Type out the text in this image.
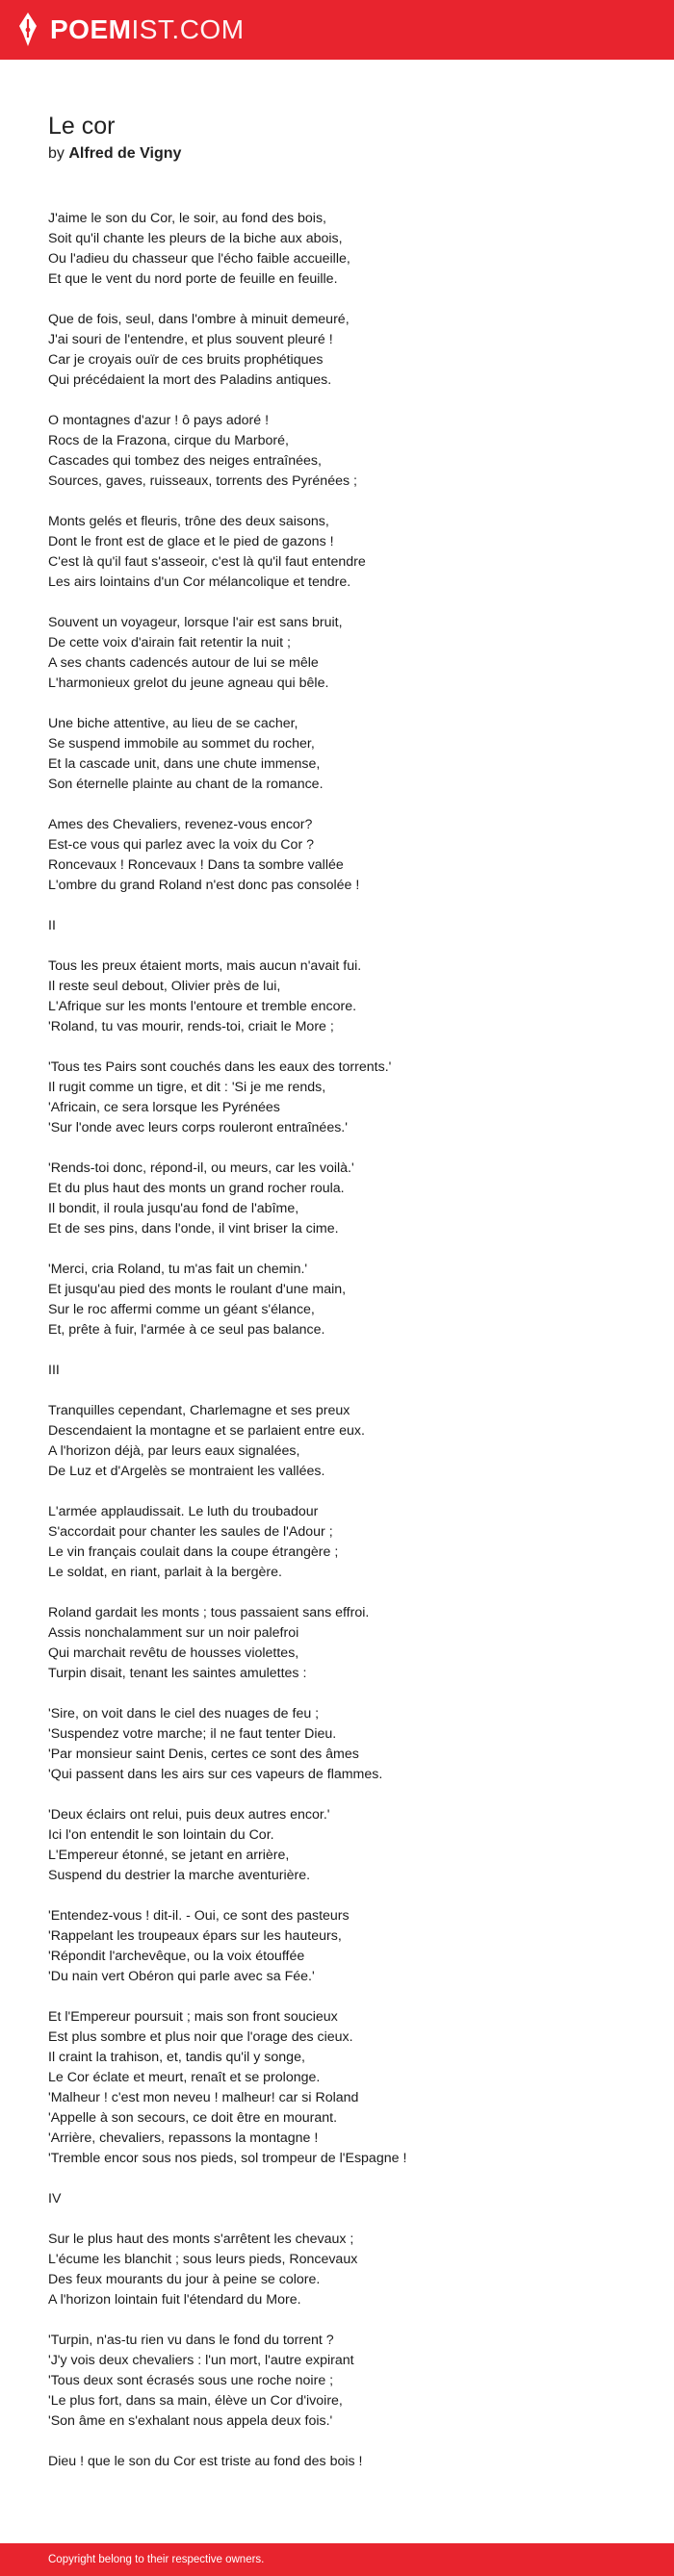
POEMIST.COM
Le cor
by Alfred de Vigny
J'aime le son du Cor, le soir, au fond des bois,
Soit qu'il chante les pleurs de la biche aux abois,
Ou l'adieu du chasseur que l'écho faible accueille,
Et que le vent du nord porte de feuille en feuille.
Que de fois, seul, dans l'ombre à minuit demeuré,
J'ai souri de l'entendre, et plus souvent pleuré !
Car je croyais ouïr de ces bruits prophétiques
Qui précédaient la mort des Paladins antiques.
O montagnes d'azur ! ô pays adoré !
Rocs de la Frazona, cirque du Marboré,
Cascades qui tombez des neiges entraînées,
Sources, gaves, ruisseaux, torrents des Pyrénées ;
Monts gelés et fleuris, trône des deux saisons,
Dont le front est de glace et le pied de gazons !
C'est là qu'il faut s'asseoir, c'est là qu'il faut entendre
Les airs lointains d'un Cor mélancolique et tendre.
Souvent un voyageur, lorsque l'air est sans bruit,
De cette voix d'airain fait retentir la nuit ;
A ses chants cadencés autour de lui se mêle
L'harmonieux grelot du jeune agneau qui bêle.
Une biche attentive, au lieu de se cacher,
Se suspend immobile au sommet du rocher,
Et la cascade unit, dans une chute immense,
Son éternelle plainte au chant de la romance.
Ames des Chevaliers, revenez-vous encor?
Est-ce vous qui parlez avec la voix du Cor ?
Roncevaux ! Roncevaux ! Dans ta sombre vallée
L'ombre du grand Roland n'est donc pas consolée !
II
Tous les preux étaient morts, mais aucun n'avait fui.
Il reste seul debout, Olivier près de lui,
L'Afrique sur les monts l'entoure et tremble encore.
'Roland, tu vas mourir, rends-toi, criait le More ;
'Tous tes Pairs sont couchés dans les eaux des torrents.'
Il rugit comme un tigre, et dit : 'Si je me rends,
'Africain, ce sera lorsque les Pyrénées
'Sur l'onde avec leurs corps rouleront entraînées.'
'Rends-toi donc, répond-il, ou meurs, car les voilà.'
Et du plus haut des monts un grand rocher roula.
Il bondit, il roula jusqu'au fond de l'abîme,
Et de ses pins, dans l'onde, il vint briser la cime.
'Merci, cria Roland, tu m'as fait un chemin.'
Et jusqu'au pied des monts le roulant d'une main,
Sur le roc affermi comme un géant s'élance,
Et, prête à fuir, l'armée à ce seul pas balance.
III
Tranquilles cependant, Charlemagne et ses preux
Descendaient la montagne et se parlaient entre eux.
A l'horizon déjà, par leurs eaux signalées,
De Luz et d'Argelès se montraient les vallées.
L'armée applaudissait. Le luth du troubadour
S'accordait pour chanter les saules de l'Adour ;
Le vin français coulait dans la coupe étrangère ;
Le soldat, en riant, parlait à la bergère.
Roland gardait les monts ; tous passaient sans effroi.
Assis nonchalamment sur un noir palefroi
Qui marchait revêtu de housses violettes,
Turpin disait, tenant les saintes amulettes :
'Sire, on voit dans le ciel des nuages de feu ;
'Suspendez votre marche; il ne faut tenter Dieu.
'Par monsieur saint Denis, certes ce sont des âmes
'Qui passent dans les airs sur ces vapeurs de flammes.
'Deux éclairs ont relui, puis deux autres encor.'
Ici l'on entendit le son lointain du Cor.
L'Empereur étonné, se jetant en arrière,
Suspend du destrier la marche aventurière.
'Entendez-vous ! dit-il. - Oui, ce sont des pasteurs
'Rappelant les troupeaux épars sur les hauteurs,
'Répondit l'archevêque, ou la voix étouffée
'Du nain vert Obéron qui parle avec sa Fée.'
Et l'Empereur poursuit ; mais son front soucieux
Est plus sombre et plus noir que l'orage des cieux.
Il craint la trahison, et, tandis qu'il y songe,
Le Cor éclate et meurt, renaît et se prolonge.
'Malheur ! c'est mon neveu ! malheur! car si Roland
'Appelle à son secours, ce doit être en mourant.
'Arrière, chevaliers, repassons la montagne !
'Tremble encor sous nos pieds, sol trompeur de l'Espagne !
IV
Sur le plus haut des monts s'arrêtent les chevaux ;
L'écume les blanchit ; sous leurs pieds, Roncevaux
Des feux mourants du jour à peine se colore.
A l'horizon lointain fuit l'étendard du More.
'Turpin, n'as-tu rien vu dans le fond du torrent ?
'J'y vois deux chevaliers : l'un mort, l'autre expirant
'Tous deux sont écrasés sous une roche noire ;
'Le plus fort, dans sa main, élève un Cor d'ivoire,
'Son âme en s'exhalant nous appela deux fois.'
Dieu ! que le son du Cor est triste au fond des bois !
Copyright belong to their respective owners.
